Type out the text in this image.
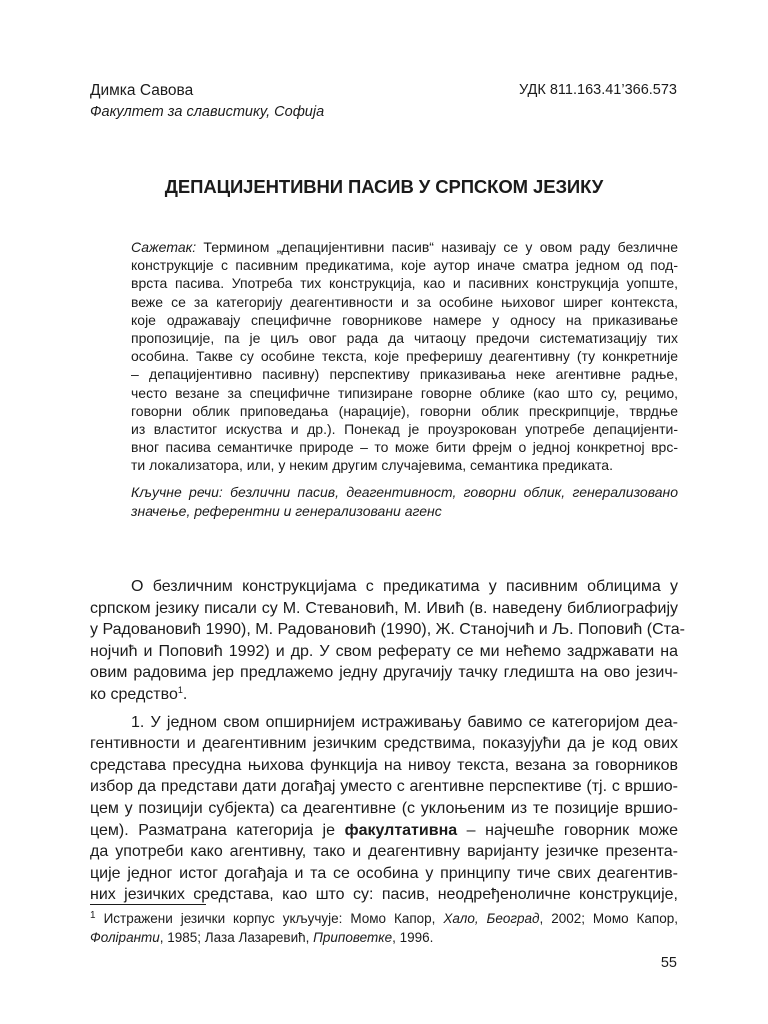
Димка Савова
Факултет за славистику, Софија
УДК 811.163.41’366.573
ДЕПАЦИЈЕНТИВНИ ПАСИВ У СРПСКОМ ЈЕЗИКУ
Сажетак: Термином „депацијентивни пасив“ називају се у овом раду безличне
конструкције с пасивним предикатима, које аутор иначе сматра једном од под-
врста пасива. Употреба тих конструкција, као и пасивних конструкција уопште,
веже се за категорију деагентивности и за особине њиховог ширег контекста,
које одражавају специфичне говорникове намере у односу на приказивање
пропозиције, па је циљ овог рада да читаоцу предочи систематизацију тих
особина. Такве су особине текста, које преферишу деагентивну (ту конкретније
– депацијентивно пасивну) перспективу приказивања неке агентивне радње,
често везане за специфичне типизиране говорне облике (као што су, рецимо,
говорни облик приповедања (нарације), говорни облик прескрипције, тврдње
из властитог искуства и др.). Понекад је проузрокован употребе депацијенти-
вног пасива семантичке природе – то може бити фрејм о једној конкретној врс-
ти локализатора, или, у неким другим случајевима, семантика предиката.
Кључне речи: безлични пасив, деагентивност, говорни облик, генерализовано
значење, референтни и генерализовани агенс
О безличним конструкцијама с предикатима у пасивним облицима у
српском језику писали су М. Стевановић, М. Ивић (в. наведену библиографију
у Радовановић 1990), М. Радовановић (1990), Ж. Станојчић и Љ. Поповић (Ста-
нојчић и Поповић 1992) и др. У свом реферату се ми нећемо задржавати на
овим радовима јер предлажемо једну другачију тачку гледишта на ово језич-
ко средство$^1$.
1. У једном свом опширнијем истраживању бавимо се категоријом деа-
гентивности и деагентивним језичким средствима, показујући да је код ових
средстава пресудна њихова функција на нивоу текста, везана за говорников
избор да представи дати догађај уместо с агентивне перспективе (тј. с вршио-
цем у позицији субјекта) са деагентивне (с уклоњеним из те позиције вршио-
цем). Разматрана категорија је факултативна – најчешће говорник може
да употреби како агентивну, тако и деагентивну варијанту језичке презента-
ције једног истог догађаја и та се особина у принципу тиче свих деагентив-
них језичких средстава, као што су: пасив, неодређеноличне конструкције,
$^1$ Истражени језички корпус укључује: Момо Капор, Хало, Београд, 2002; Момо Капор,
Фоліранти, 1985; Лаза Лазаревић, Приповетке, 1996.
55
